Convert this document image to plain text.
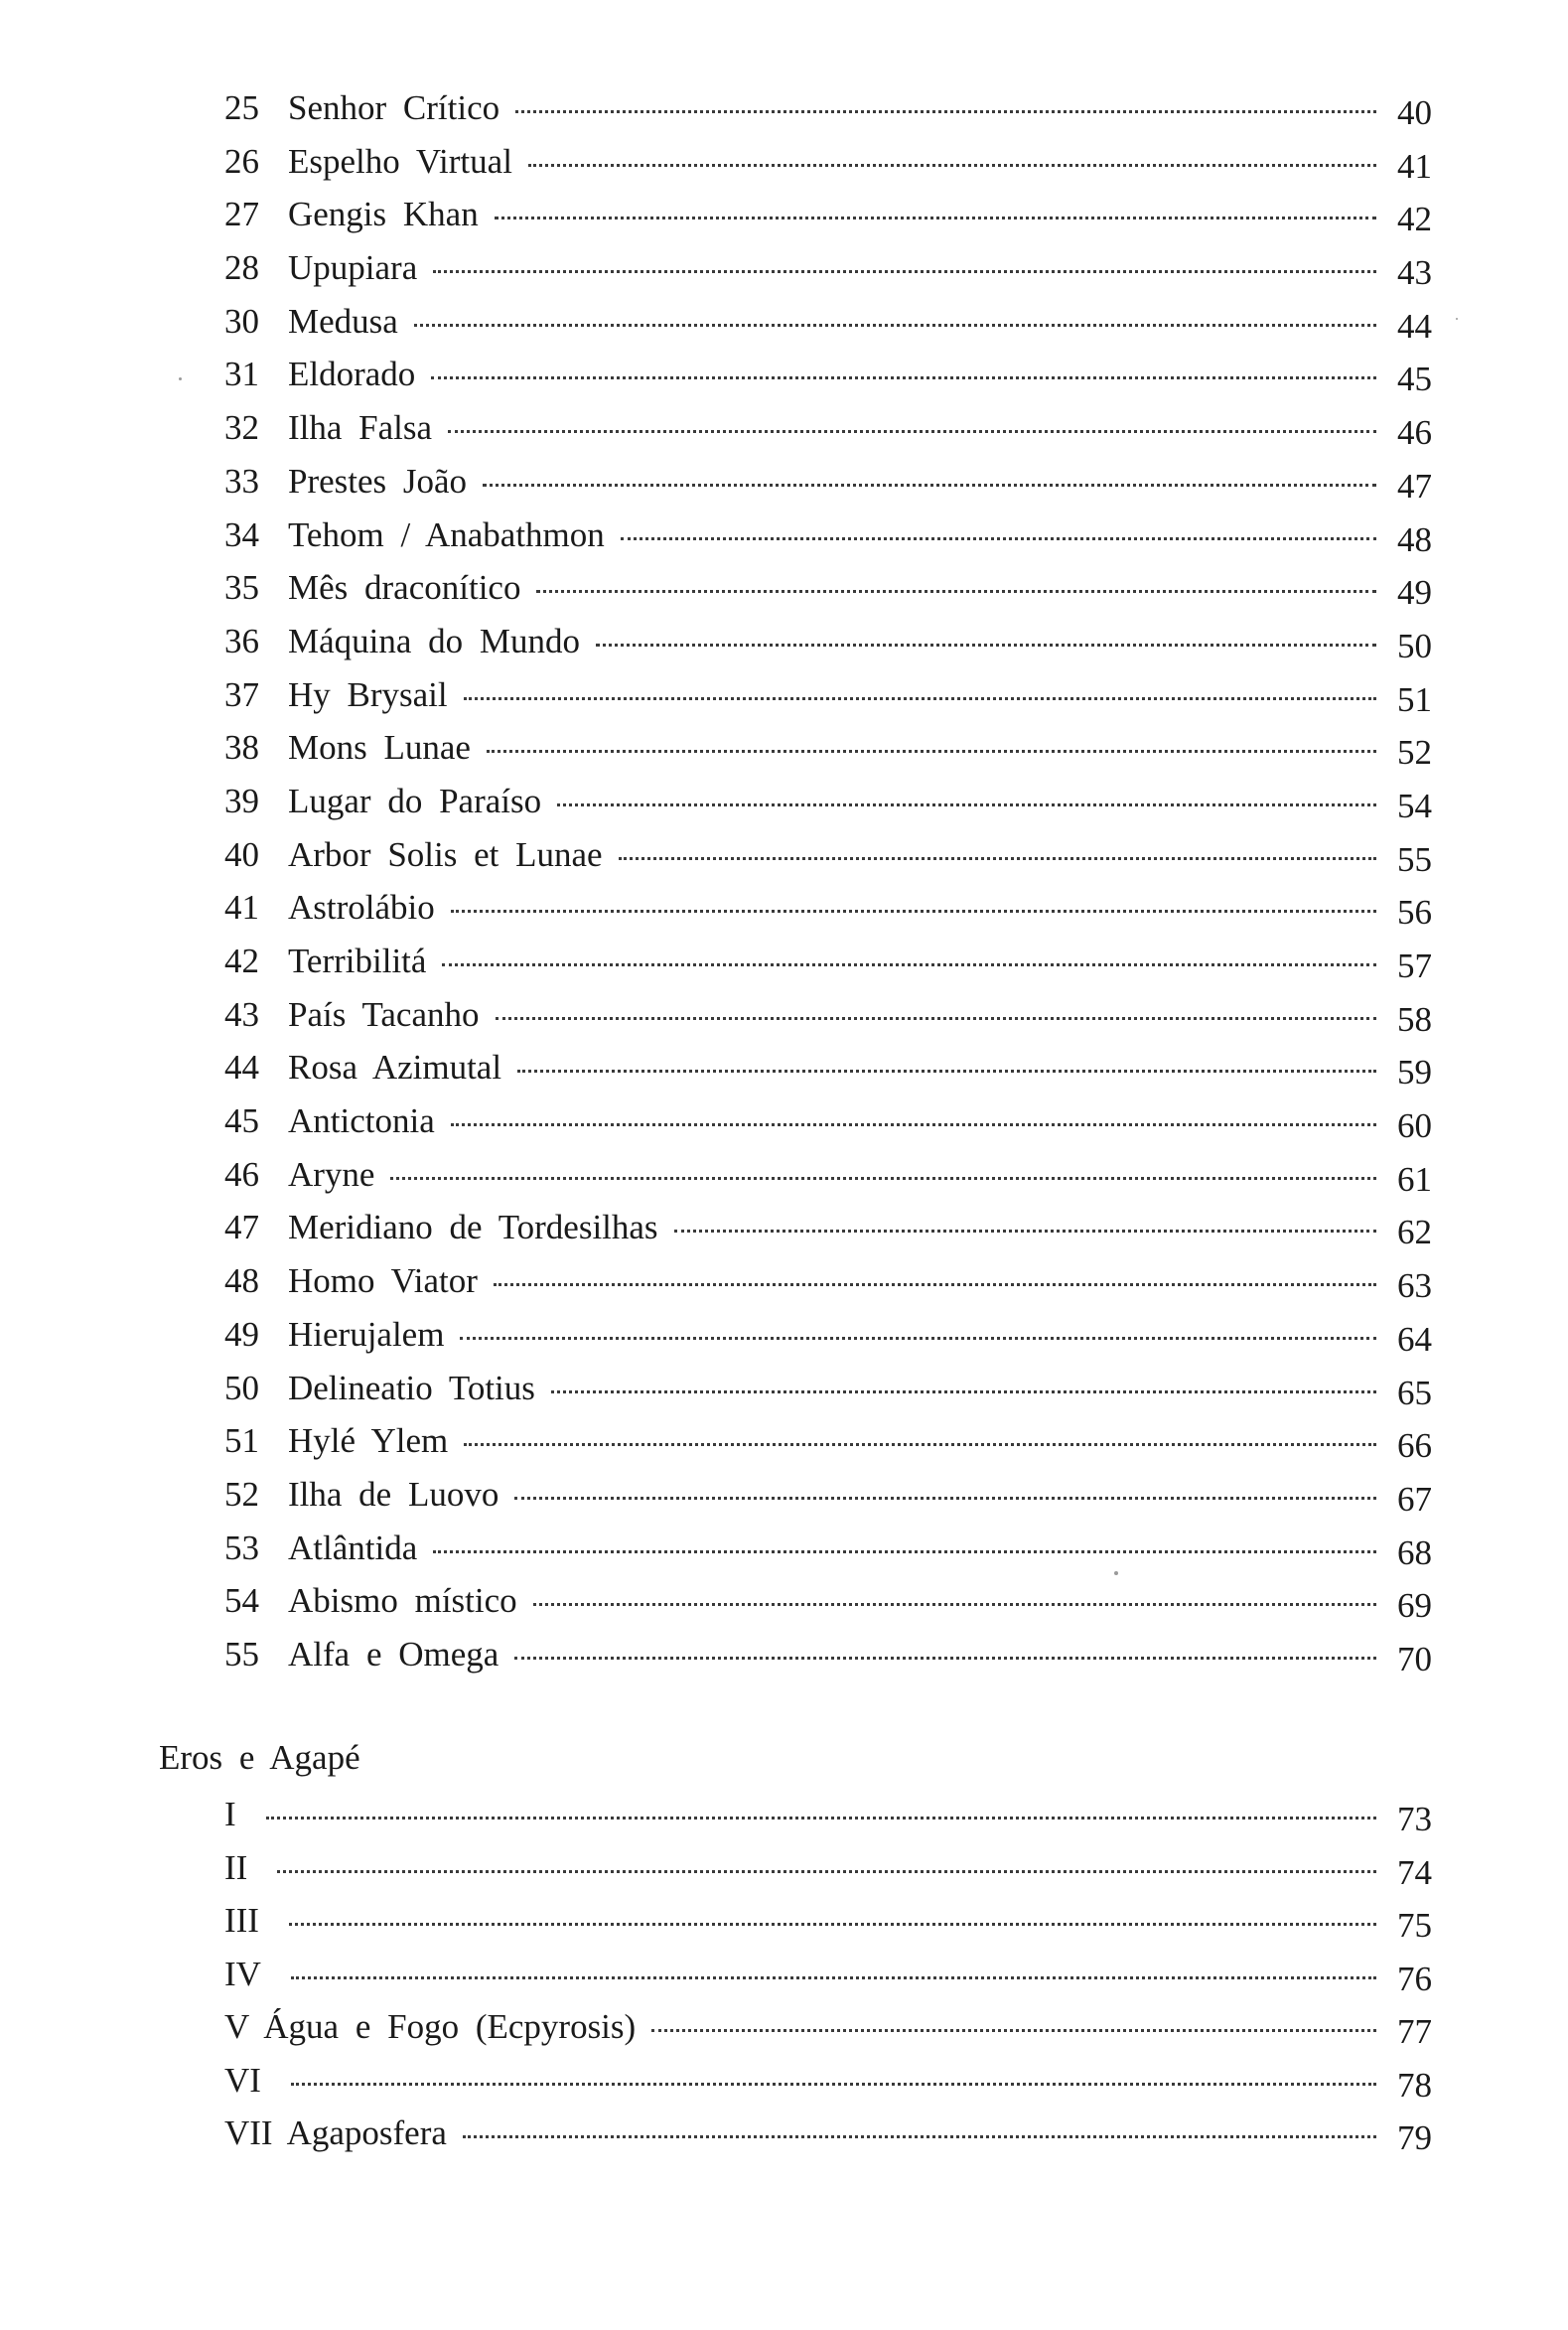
25 Senhor Crítico	40
26 Espelho Virtual	41
27 Gengis Khan	42
28 Upupiara	43
30 Medusa	44
31 Eldorado	45
32 Ilha Falsa	46
33 Prestes João	47
34 Tehom / Anabathmon	48
35 Mês draconítico	49
36 Máquina do Mundo	50
37 Hy Brysail	51
38 Mons Lunae	52
39 Lugar do Paraíso	54
40 Arbor Solis et Lunae	55
41 Astrolábio	56
42 Terribilitá	57
43 País Tacanho	58
44 Rosa Azimutal	59
45 Antictonia	60
46 Aryne	61
47 Meridiano de Tordesilhas	62
48 Homo Viator	63
49 Hierujalem	64
50 Delineatio Totius	65
51 Hylé Ylem	66
52 Ilha de Luovo	67
53 Atlântida	68
54 Abismo místico	69
55 Alfa e Omega	70
Eros e Agapé
I	73
II	74
III	75
IV	76
V Água e Fogo (Ecpyrosis)	77
VI	78
VII Agaposfera	79
